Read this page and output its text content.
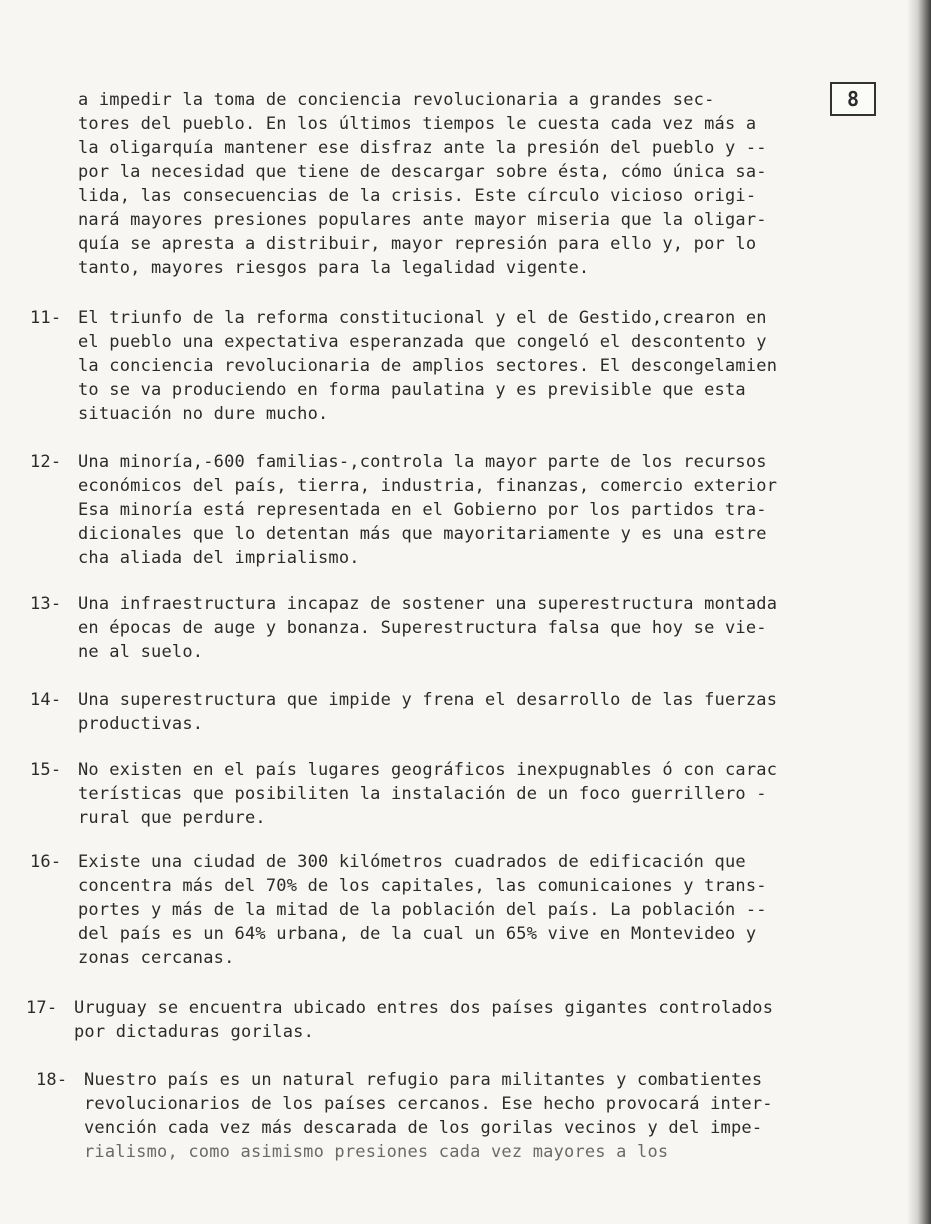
8
a impedir la toma de conciencia revolucionaria a grandes sec-
tores del pueblo. En los últimos tiempos le cuesta cada vez más a
la oligarquía mantener ese disfraz ante la presión del pueblo y --
por la necesidad que tiene de descargar sobre ésta, cómo única sa-
lida, las consecuencias de la crisis. Este círculo vicioso origi-
nará mayores presiones populares ante mayor miseria que la oligar-
quía se apresta a distribuir, mayor represión para ello y, por lo
tanto, mayores riesgos para la legalidad vigente.
11- El triunfo de la reforma constitucional y el de Gestido,crearon en
el pueblo una expectativa esperanzada que congeló el descontento y
la conciencia revolucionaria de amplios sectores. El descongelamien
to se va produciendo en forma paulatina y es previsible que esta
situación no dure mucho.
12- Una minoría,-600 familias-,controla la mayor parte de los recursos
económicos del país, tierra, industria, finanzas, comercio exterior
Esa minoría está representada en el Gobierno por los partidos tra-
dicionales que lo detentan más que mayoritariamente y es una estre
cha aliada del imprialismo.
13- Una infraestructura incapaz de sostener una superestructura montada
en épocas de auge y bonanza. Superestructura falsa que hoy se vie-
ne al suelo.
14- Una superestructura que impide y frena el desarrollo de las fuerzas
productivas.
15- No existen en el país lugares geográficos inexpugnables ó con carac
terísticas que posibiliten la instalación de un foco guerrillero -
rural que perdure.
16- Existe una ciudad de 300 kilómetros cuadrados de edificación que
concentra más del 70% de los capitales, las comunicaiones y trans-
portes y más de la mitad de la población del país. La población --
del país es un 64% urbana, de la cual un 65% vive en Montevideo y
zonas cercanas.
17- Uruguay se encuentra ubicado entres dos países gigantes controlados
por dictaduras gorilas.
18- Nuestro país es un natural refugio para militantes y combatientes
revolucionarios de los países cercanos. Ese hecho provocará inter-
vención cada vez más descarada de los gorilas vecinos y del impe-
rialismo, como asimismo presiones cada vez mayores a los
